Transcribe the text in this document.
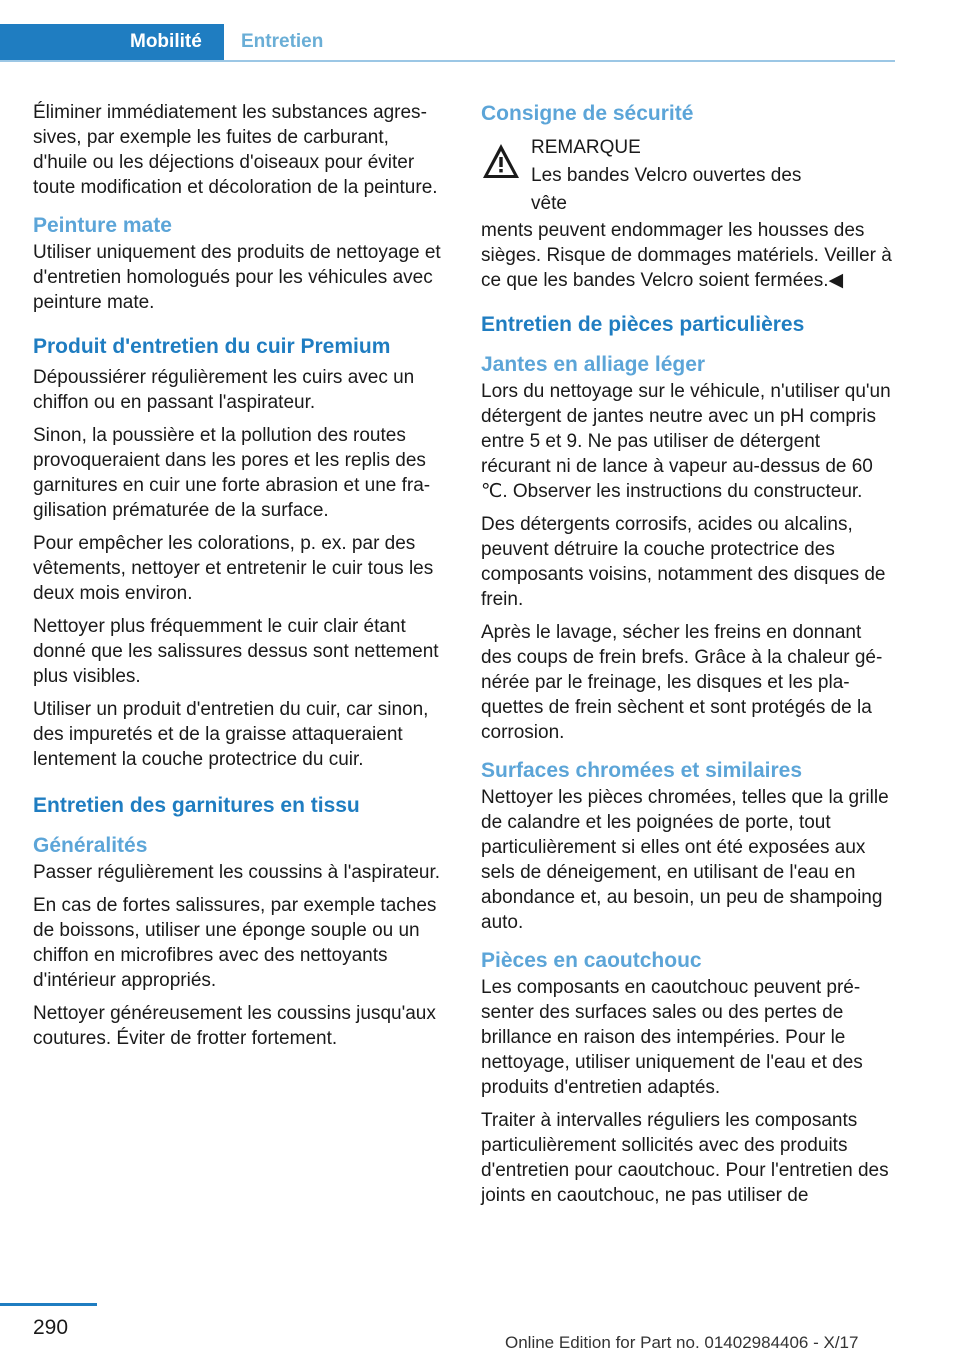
Mobilité	Entretien

Éliminer immédiatement les substances agressives, par exemple les fuites de carburant, d'huile ou les déjections d'oiseaux pour éviter toute modification et décoloration de la peinture.

Peinture mate

Utiliser uniquement des produits de nettoyage et d'entretien homologués pour les véhicules avec peinture mate.

Produit d'entretien du cuir Premium

Dépoussiérer régulièrement les cuirs avec un chiffon ou en passant l'aspirateur.

Sinon, la poussière et la pollution des routes provoqueraient dans les pores et les replis des garnitures en cuir une forte abrasion et une fragilisation prématurée de la surface.

Pour empêcher les colorations, p. ex. par des vêtements, nettoyer et entretenir le cuir tous les deux mois environ.

Nettoyer plus fréquemment le cuir clair étant donné que les salissures dessus sont nettement plus visibles.

Utiliser un produit d'entretien du cuir, car sinon, des impuretés et de la graisse attaqueraient lentement la couche protectrice du cuir.

Entretien des garnitures en tissu
Généralités

Passer régulièrement les coussins à l'aspirateur.

En cas de fortes salissures, par exemple taches de boissons, utiliser une éponge souple ou un chiffon en microfibres avec des nettoyants d'intérieur appropriés.

Nettoyer généreusement les coussins jusqu'aux coutures. Éviter de frotter fortement.

Consigne de sécurité
REMARQUE
Les bandes Velcro ouvertes des vête

ments peuvent endommager les housses des sièges. Risque de dommages matériels. Veiller à ce que les bandes Velcro soient fermées.◀

Entretien de pièces particulières
Jantes en alliage léger

Lors du nettoyage sur le véhicule, n'utiliser qu'un détergent de jantes neutre avec un pH compris entre 5 et 9. Ne pas utiliser de détergent récurant ni de lance à vapeur au-dessus de 60 ℃. Observer les instructions du constructeur.

Des détergents corrosifs, acides ou alcalins, peuvent détruire la couche protectrice des composants voisins, notamment des disques de frein.

Après le lavage, sécher les freins en donnant des coups de frein brefs. Grâce à la chaleur générée par le freinage, les disques et les plaquettes de frein sèchent et sont protégés de la corrosion.

Surfaces chromées et similaires

Nettoyer les pièces chromées, telles que la grille de calandre et les poignées de porte, tout particulièrement si elles ont été exposées aux sels de déneigement, en utilisant de l'eau en abondance et, au besoin, un peu de shampoing auto.

Pièces en caoutchouc

Les composants en caoutchouc peuvent présenter des surfaces sales ou des pertes de brillance en raison des intempéries. Pour le nettoyage, utiliser uniquement de l'eau et des produits d'entretien adaptés.

Traiter à intervalles réguliers les composants particulièrement sollicités avec des produits d'entretien pour caoutchouc. Pour l'entretien des joints en caoutchouc, ne pas utiliser de

290
Online Edition for Part no. 01402984406 - X/17
